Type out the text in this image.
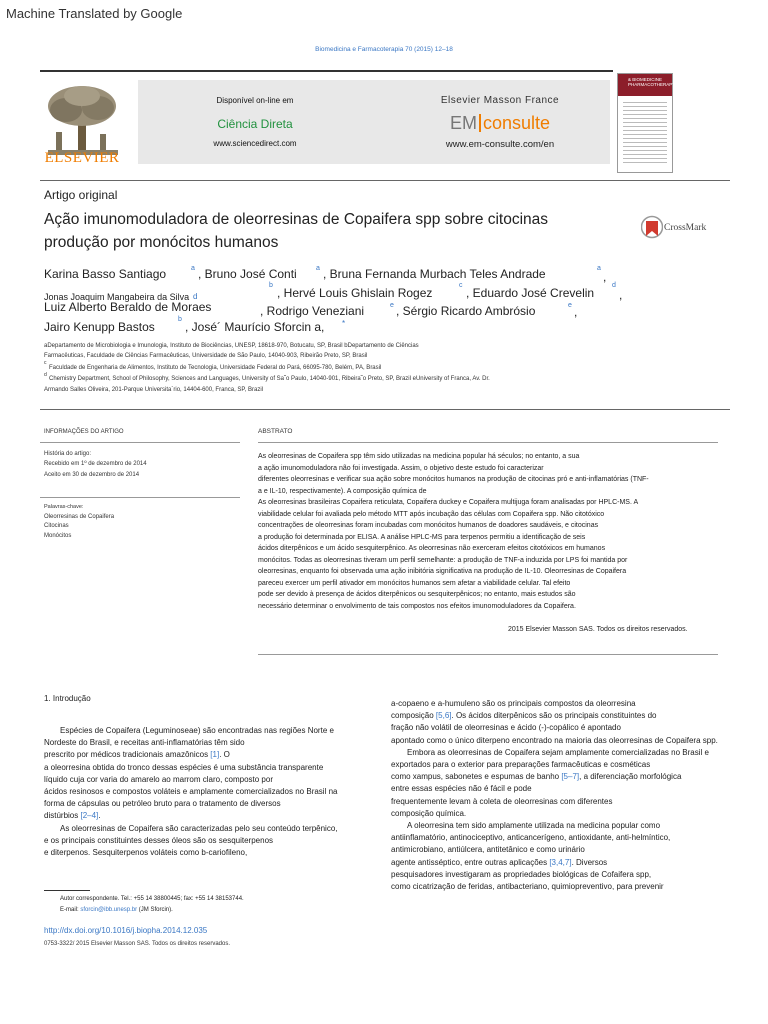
Machine Translated by Google
Biomedicina e Farmacoterapia 70 (2015) 12–18
ELSEVIER
Disponível on-line em
Ciência Direta
www.sciencedirect.com
Elsevier Masson France
EM consulte
www.em-consulte.com/en
& BIOMEDICINE
PHARMACOTHERAPY
Artigo original
Ação imunomoduladora de oleorresinas de Copaifera spp sobre citocinas
produção por monócitos humanos
CrossMark
Karina Basso Santiago	a , Bruno José Conti	a , Bruna Fernanda Murbach Teles Andrade	a
,
Jonas Joaquim Mangabeira da Silva d
b
, Hervé Louis Ghislain Rogez
c
, Eduardo José Crevelin
d
,
Luiz Alberto Beraldo de Moraes	, Rodrigo Veneziani	e , Sérgio Ricardo Ambrósio	e ,
Jairo Kenupp Bastos
b
, José´ Maurício Sforcin a, *
aDepartamento de Microbiologia e Imunologia, Instituto de Biociências, UNESP, 18618-970, Botucatu, SP, Brasil bDepartamento de Ciências
Farmacêuticas, Faculdade de Ciências Farmacêuticas, Universidade de São Paulo, 14040-903, Ribeirão Preto, SP, Brasil
c
Faculdade de Engenharia de Alimentos, Instituto de Tecnologia, Universidade Federal do Pará, 66095-780, Belém, PA, Brasil
d
Chemistry Department, School of Philosophy, Sciences and Languages, University of Sa˜o Paulo, 14040-901, Ribeira˜o Preto, SP, Brazil eUniversity of Franca, Av. Dr.
Armando Salles Oliveira, 201-Parque Universita´rio, 14404-600, Franca, SP, Brazil
INFORMAÇÕES DO ARTIGO
História do artigo:
Recebido em 1º de dezembro de 2014
Aceito em 30 de dezembro de 2014
Palavras-chave:
Oleorresinas de Copaifera
Citocinas
Monócitos
ABSTRATO
As oleorresinas de Copaifera spp têm sido utilizadas na medicina popular há séculos; no entanto, a sua
a ação imunomoduladora não foi investigada. Assim, o objetivo deste estudo foi caracterizar
diferentes oleorresinas e verificar sua ação sobre monócitos humanos na produção de citocinas pró e anti-inflamatórias (TNF-
a e IL-10, respectivamente). A composição química de
As oleorresinas brasileiras Copaifera reticulata, Copaifera duckey e Copaifera multijuga foram analisadas por HPLC-MS. A
viabilidade celular foi avaliada pelo método MTT após incubação das células com Copaifera spp. Não citotóxico
concentrações de oleorresinas foram incubadas com monócitos humanos de doadores saudáveis, e citocinas
a produção foi determinada por ELISA. A análise HPLC-MS para terpenos permitiu a identificação de seis
ácidos diterpênicos e um ácido sesquiterpênico. As oleorresinas não exerceram efeitos citotóxicos em humanos
monócitos. Todas as oleorresinas tiveram um perfil semelhante: a produção de TNF-a induzida por LPS foi mantida por
oleorresinas, enquanto foi observada uma ação inibitória significativa na produção de IL-10. Oleorresinas de Copaifera
pareceu exercer um perfil ativador em monócitos humanos sem afetar a viabilidade celular. Tal efeito
pode ser devido à presença de ácidos diterpênicos ou sesquiterpênicos; no entanto, mais estudos são
necessário determinar o envolvimento de tais compostos nos efeitos imunomoduladores da Copaifera.
2015 Elsevier Masson SAS. Todos os direitos reservados.
1. Introdução
Espécies de Copaifera (Leguminoseae) são encontradas nas regiões Norte e
Nordeste do Brasil, e receitas anti-inflamatórias têm sido
prescrito por médicos tradicionais amazônicos [1]. O
a oleorresina obtida do tronco dessas espécies é uma substância transparente
líquido cuja cor varia do amarelo ao marrom claro, composto por
ácidos resinosos e compostos voláteis e amplamente comercializados no Brasil na
forma de cápsulas ou petróleo bruto para o tratamento de diversos
distúrbios [2–4].
As oleorresinas de Copaifera são caracterizadas pelo seu conteúdo terpênico,
e os principais constituintes desses óleos são os sesquiterpenos
e diterpenos. Sesquiterpenos voláteis como b-cariofileno,
a-copaeno e a-humuleno são os principais compostos da oleorresina
composição [5,6]. Os ácidos diterpênicos são os principais constituintes do
fração não volátil de oleorresinas e ácido (-)-copálico é apontado
apontado como o único diterpeno encontrado na maioria das oleorresinas de Copaifera spp.
Embora as oleorresinas de Copaifera sejam amplamente comercializadas no Brasil e
exportados para o exterior para preparações farmacêuticas e cosméticas
como xampus, sabonetes e espumas de banho [5–7], a diferenciação morfológica
entre essas espécies não é fácil e pode
frequentemente levam à coleta de oleorresinas com diferentes
composição química.
A oleorresina tem sido amplamente utilizada na medicina popular como
antiinflamatório, antinociceptivo, anticancerígeno, antioxidante, anti-helmíntico,
antimicrobiano, antiúlcera, antitetânico e como urinário
agente antisséptico, entre outras aplicações [3,4,7]. Diversos
pesquisadores investigaram as propriedades biológicas de Cofaifera spp,
como cicatrização de feridas, antibacteriano, quimiopreventivo, para prevenir
Autor correspondente. Tel.: +55 14 38800445; fax: +55 14 38153744.
E-mail: sforcin@ibb.unesp.br (JM Sforcin).
http://dx.doi.org/10.1016/j.biopha.2014.12.035
0753-3322/ 2015 Elsevier Masson SAS. Todos os direitos reservados.
